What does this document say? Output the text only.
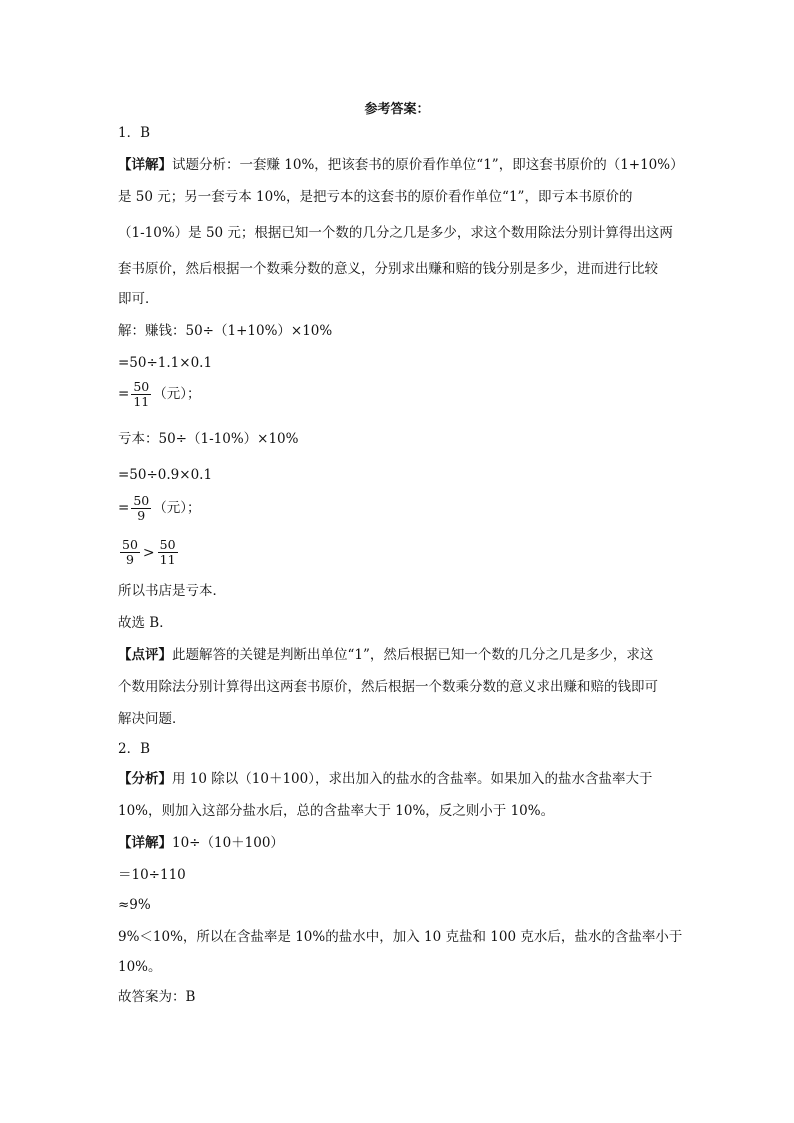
参考答案：
1．B
【详解】试题分析：一套赚 10%，把该套书的原价看作单位“1”，即这套书原价的（1+10%）
是 50 元；另一套亏本 10%，是把亏本的这套书的原价看作单位“1”，即亏本书原价的
（1-10%）是 50 元；根据已知一个数的几分之几是多少，求这个数用除法分别计算得出这两
套书原价，然后根据一个数乘分数的意义，分别求出赚和赔的钱分别是多少，进而进行比较
即可．
解：赚钱：50÷（1+10%）×10%
=50÷1.1×0.1
= $\frac{50}{11}$ （元）；
亏本：50÷（1-10%）×10%
=50÷0.9×0.1
= $\frac{50}{9}$ （元）；
$\frac{50}{9} > \frac{50}{11}$
所以书店是亏本．
故选 B．
【点评】此题解答的关键是判断出单位“1”，然后根据已知一个数的几分之几是多少，求这
个数用除法分别计算得出这两套书原价，然后根据一个数乘分数的意义求出赚和赔的钱即可
解决问题．
2．B
【分析】用 10 除以（10＋100），求出加入的盐水的含盐率。如果加入的盐水含盐率大于
10%，则加入这部分盐水后，总的含盐率大于 10%，反之则小于 10%。
【详解】10÷（10＋100）
＝10÷110
≈9%
9%＜10%，所以在含盐率是 10%的盐水中，加入 10 克盐和 100 克水后，盐水的含盐率小于
10%。
故答案为：B
